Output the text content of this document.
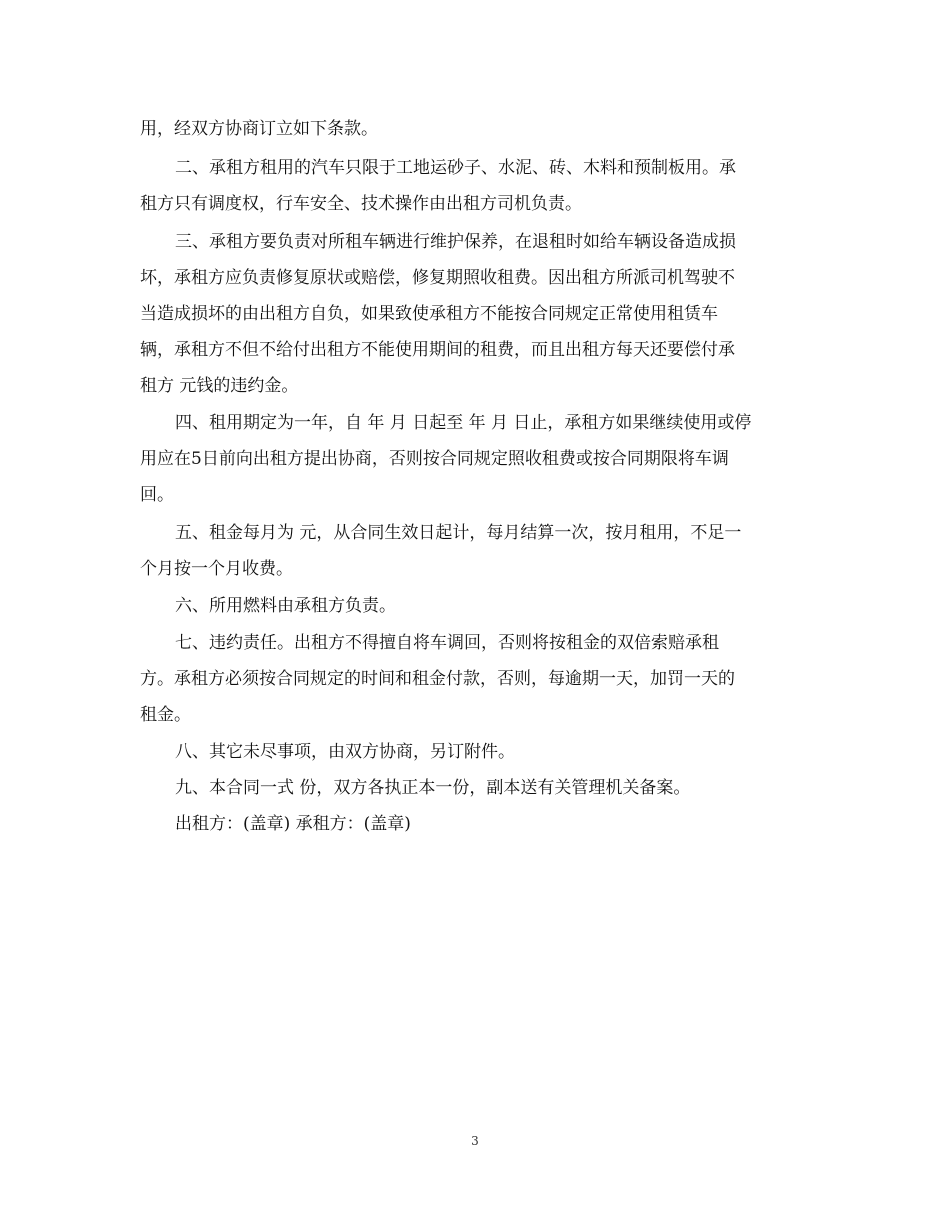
用，经双方协商订立如下条款。
二、承租方租用的汽车只限于工地运砂子、水泥、砖、木料和预制板用。承
租方只有调度权，行车安全、技术操作由出租方司机负责。
三、承租方要负责对所租车辆进行维护保养，在退租时如给车辆设备造成损
坏，承租方应负责修复原状或赔偿，修复期照收租费。因出租方所派司机驾驶不
当造成损坏的由出租方自负，如果致使承租方不能按合同规定正常使用租赁车
辆，承租方不但不给付出租方不能使用期间的租费，而且出租方每天还要偿付承
租方 元钱的违约金。
四、租用期定为一年，自 年 月 日起至 年 月 日止，承租方如果继续使用或停
用应在5日前向出租方提出协商，否则按合同规定照收租费或按合同期限将车调
回。
五、租金每月为 元，从合同生效日起计，每月结算一次，按月租用，不足一
个月按一个月收费。
六、所用燃料由承租方负责。
七、违约责任。出租方不得擅自将车调回，否则将按租金的双倍索赔承租
方。承租方必须按合同规定的时间和租金付款，否则，每逾期一天，加罚一天的
租金。
八、其它未尽事项，由双方协商，另订附件。
九、本合同一式 份，双方各执正本一份，副本送有关管理机关备案。
出租方：(盖章) 承租方：(盖章)
3
